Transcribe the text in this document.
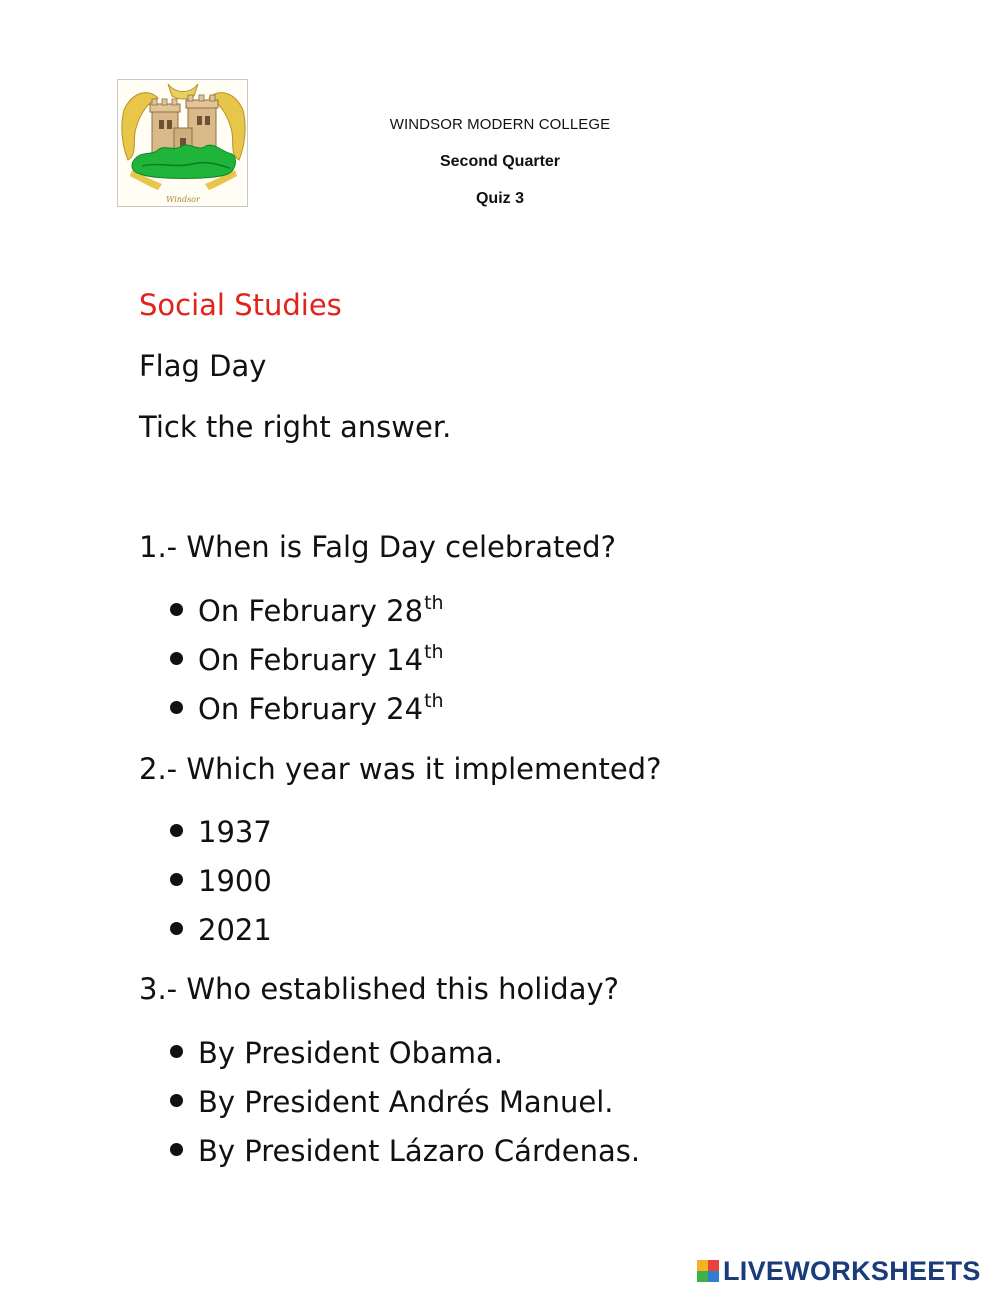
Windsor
WINDSOR MODERN COLLEGE
Second Quarter
Quiz 3
Social Studies
Flag Day
Tick the right answer.
1.- When is Falg Day celebrated?
On February 28th
On February 14th
On February 24th
2.- Which year was it implemented?
1937
1900
2021
3.- Who established this holiday?
By President Obama.
By President Andrés Manuel.
By President Lázaro Cárdenas.
LIVEWORKSHEETS
